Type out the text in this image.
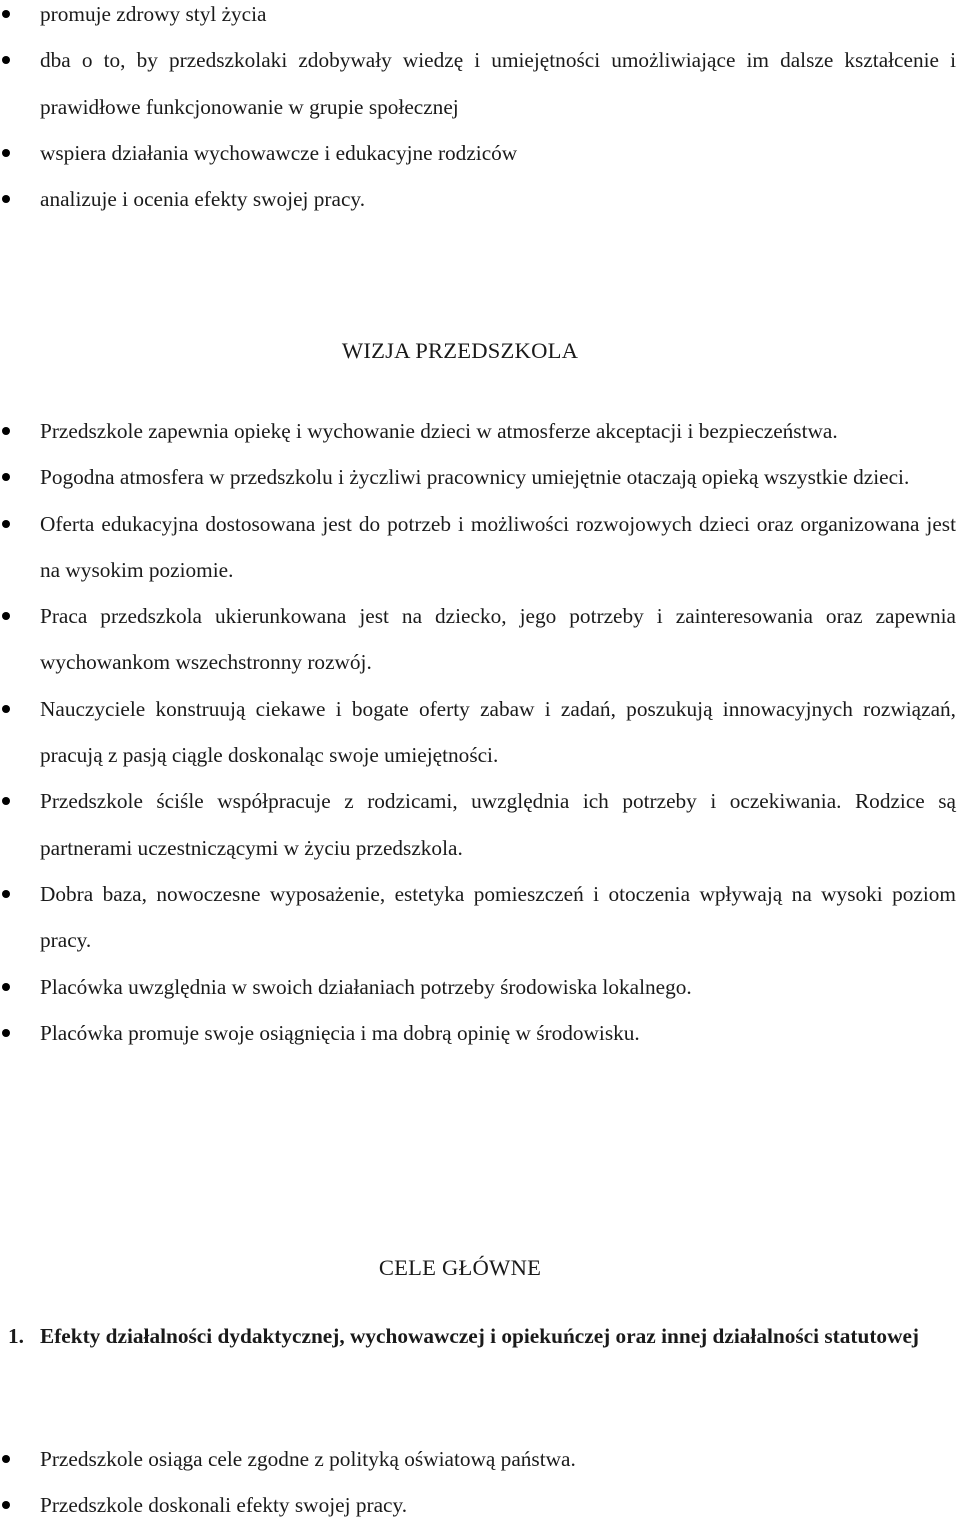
promuje zdrowy styl życia
dba o to, by przedszkolaki zdobywały wiedzę i umiejętności umożliwiające im dalsze kształcenie i prawidłowe funkcjonowanie w grupie społecznej
wspiera działania wychowawcze i edukacyjne rodziców
analizuje i ocenia efekty swojej pracy.
WIZJA PRZEDSZKOLA
Przedszkole zapewnia opiekę i wychowanie dzieci w atmosferze akceptacji i bezpieczeństwa.
Pogodna atmosfera w przedszkolu i życzliwi pracownicy umiejętnie otaczają opieką wszystkie dzieci.
Oferta edukacyjna dostosowana jest do potrzeb i możliwości rozwojowych dzieci oraz organizowana jest na wysokim poziomie.
Praca przedszkola ukierunkowana jest na dziecko, jego potrzeby i zainteresowania oraz zapewnia wychowankom wszechstronny rozwój.
Nauczyciele konstruują ciekawe i bogate oferty zabaw i zadań, poszukują innowacyjnych rozwiązań, pracują z pasją ciągle doskonaląc swoje umiejętności.
Przedszkole ściśle współpracuje z rodzicami, uwzględnia ich potrzeby i oczekiwania. Rodzice są partnerami uczestniczącymi w życiu przedszkola.
Dobra baza, nowoczesne wyposażenie, estetyka pomieszczeń i otoczenia wpływają na wysoki poziom pracy.
Placówka uwzględnia w swoich działaniach potrzeby środowiska lokalnego.
Placówka promuje swoje osiągnięcia i ma dobrą opinię w środowisku.
CELE GŁÓWNE
1. Efekty działalności dydaktycznej, wychowawczej i opiekuńczej oraz innej działalności statutowej
Przedszkole osiąga cele zgodne z polityką oświatową państwa.
Przedszkole doskonali efekty swojej pracy.
